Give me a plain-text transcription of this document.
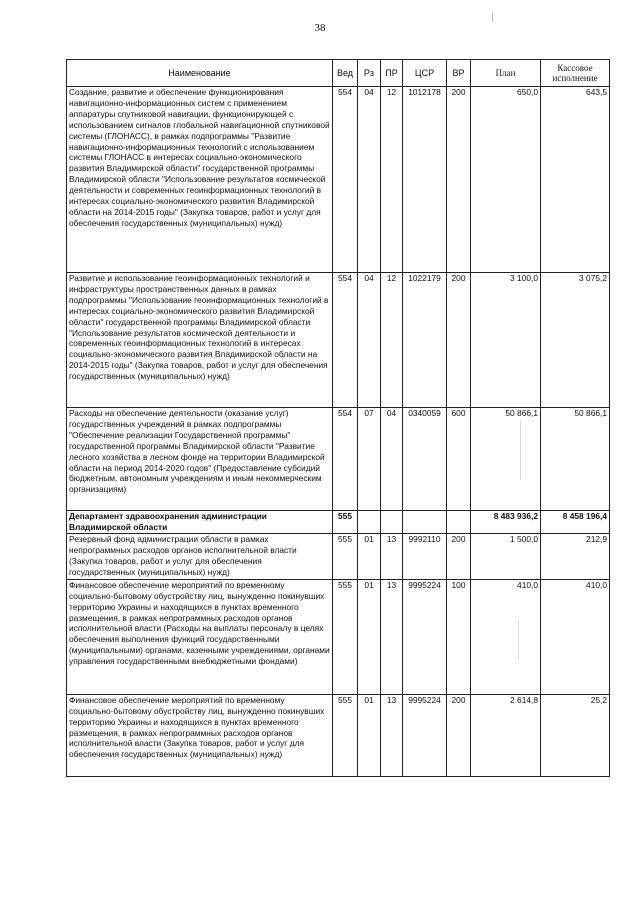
38
Наименование	Вед	Рз	ПР	ЦСР	ВР	План	Кассовое исполнение
Создание, развитие и обеспечение функционирования навигационно-информационных систем с применением аппаратуры спутниковой навигации, функционирующей с использованием сигналов глобальной навигационной спутниковой системы (ГЛОНАСС), в рамках подпрограммы "Развитие навигационно-информационных технологий с использованием системы ГЛОНАСС в интересах социально-экономического развития Владимирской области" государственной программы Владимирской области "Использование результатов космической деятельности и современных геоинформационных технологий в интересах социально-экономического развития Владимирской области на 2014-2015 годы" (Закупка товаров, работ и услуг для обеспечения государственных (муниципальных) нужд)	554	04	12	1012178	200	650,0	643,5
Развитие и использование геоинформационных технологий и инфраструктуры пространственных данных в рамках подпрограммы "Использование геоинформационных технологий в интересах социально-экономического развития Владимирской области" государственной программы Владимирской области "Использование результатов космической деятельности и современных геоинформационных технологий в интересах социально-экономического развития Владимирской области на 2014-2015 годы" (Закупка товаров, работ и услуг для обеспечения государственных (муниципальных) нужд)	554	04	12	1022179	200	3 100,0	3 075,2
Расходы на обеспечение деятельности (оказание услуг) государственных учреждений в рамках подпрограммы "Обеспечение реализации Государственной программы" государственной программы Владимирской области "Развитие лесного хозяйства в лесном фонде на территории Владимирской области на период 2014-2020 годов" (Предоставление субсидий бюджетным, автономным учреждениям и иным некоммерческим организациям)	554	07	04	0340059	600	50 866,1	50 866,1
Департамент здравоохранения администрации Владимирской области	555					8 483 936,2	8 458 196,4
Резервный фонд администрации области в рамках непрограммных расходов органов исполнительной власти (Закупка товаров, работ и услуг для обеспечения государственных (муниципальных) нужд)	555	01	13	9992110	200	1 500,0	212,9
Финансовое обеспечение мероприятий по временному социально-бытовому обустройству лиц, вынужденно покинувших территорию Украины и находящихся в пунктах временного размещения, в рамках непрограммных расходов органов исполнительной власти (Расходы на выплаты персоналу в целях обеспечения выполнения функций государственными (муниципальными) органами, казенными учреждениями, органами управления государственными внебюджетными фондами)	555	01	13	9995224	100	410,0	410,0
Финансовое обеспечение мероприятий по временному социально-бытовому обустройству лиц, вынужденно покинувших территорию Украины и находящихся в пунктах временного размещения, в рамках непрограммных расходов органов исполнительной власти (Закупка товаров, работ и услуг для обеспечения государственных (муниципальных) нужд)	555	01	13	9995224	200	2 614,8	25,2
